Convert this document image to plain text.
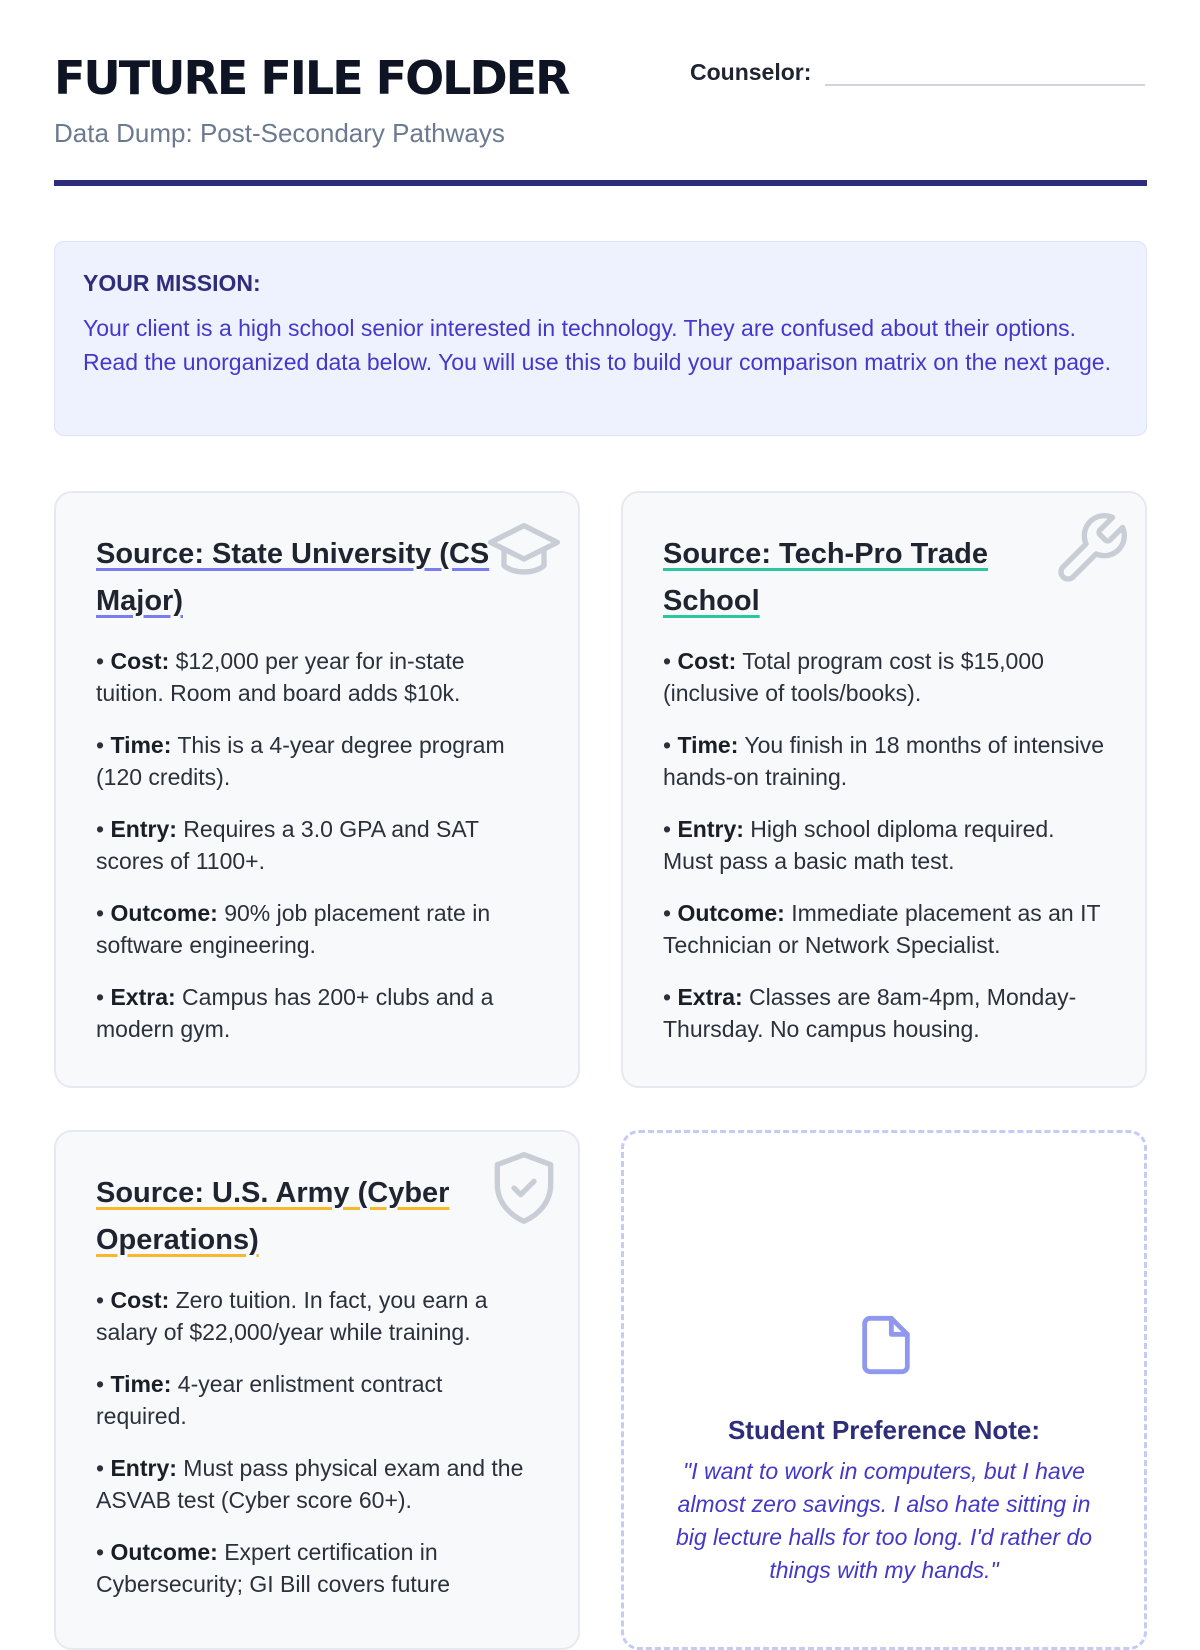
FUTURE FILE FOLDER
Data Dump: Post-Secondary Pathways
Counselor:
YOUR MISSION:
Your client is a high school senior interested in technology. They are confused about their options. Read the unorganized data below. You will use this to build your comparison matrix on the next page.
Source: State University (CS Major)
• Cost: $12,000 per year for in-state tuition. Room and board adds $10k.
• Time: This is a 4-year degree program (120 credits).
• Entry: Requires a 3.0 GPA and SAT scores of 1100+.
• Outcome: 90% job placement rate in software engineering.
• Extra: Campus has 200+ clubs and a modern gym.
Source: Tech-Pro Trade School
• Cost: Total program cost is $15,000 (inclusive of tools/books).
• Time: You finish in 18 months of intensive hands-on training.
• Entry: High school diploma required. Must pass a basic math test.
• Outcome: Immediate placement as an IT Technician or Network Specialist.
• Extra: Classes are 8am-4pm, Monday-Thursday. No campus housing.
Source: U.S. Army (Cyber Operations)
• Cost: Zero tuition. In fact, you earn a salary of $22,000/year while training.
• Time: 4-year enlistment contract required.
• Entry: Must pass physical exam and the ASVAB test (Cyber score 60+).
• Outcome: Expert certification in Cybersecurity; GI Bill covers future
Student Preference Note:
"I want to work in computers, but I have almost zero savings. I also hate sitting in big lecture halls for too long. I'd rather do things with my hands."
